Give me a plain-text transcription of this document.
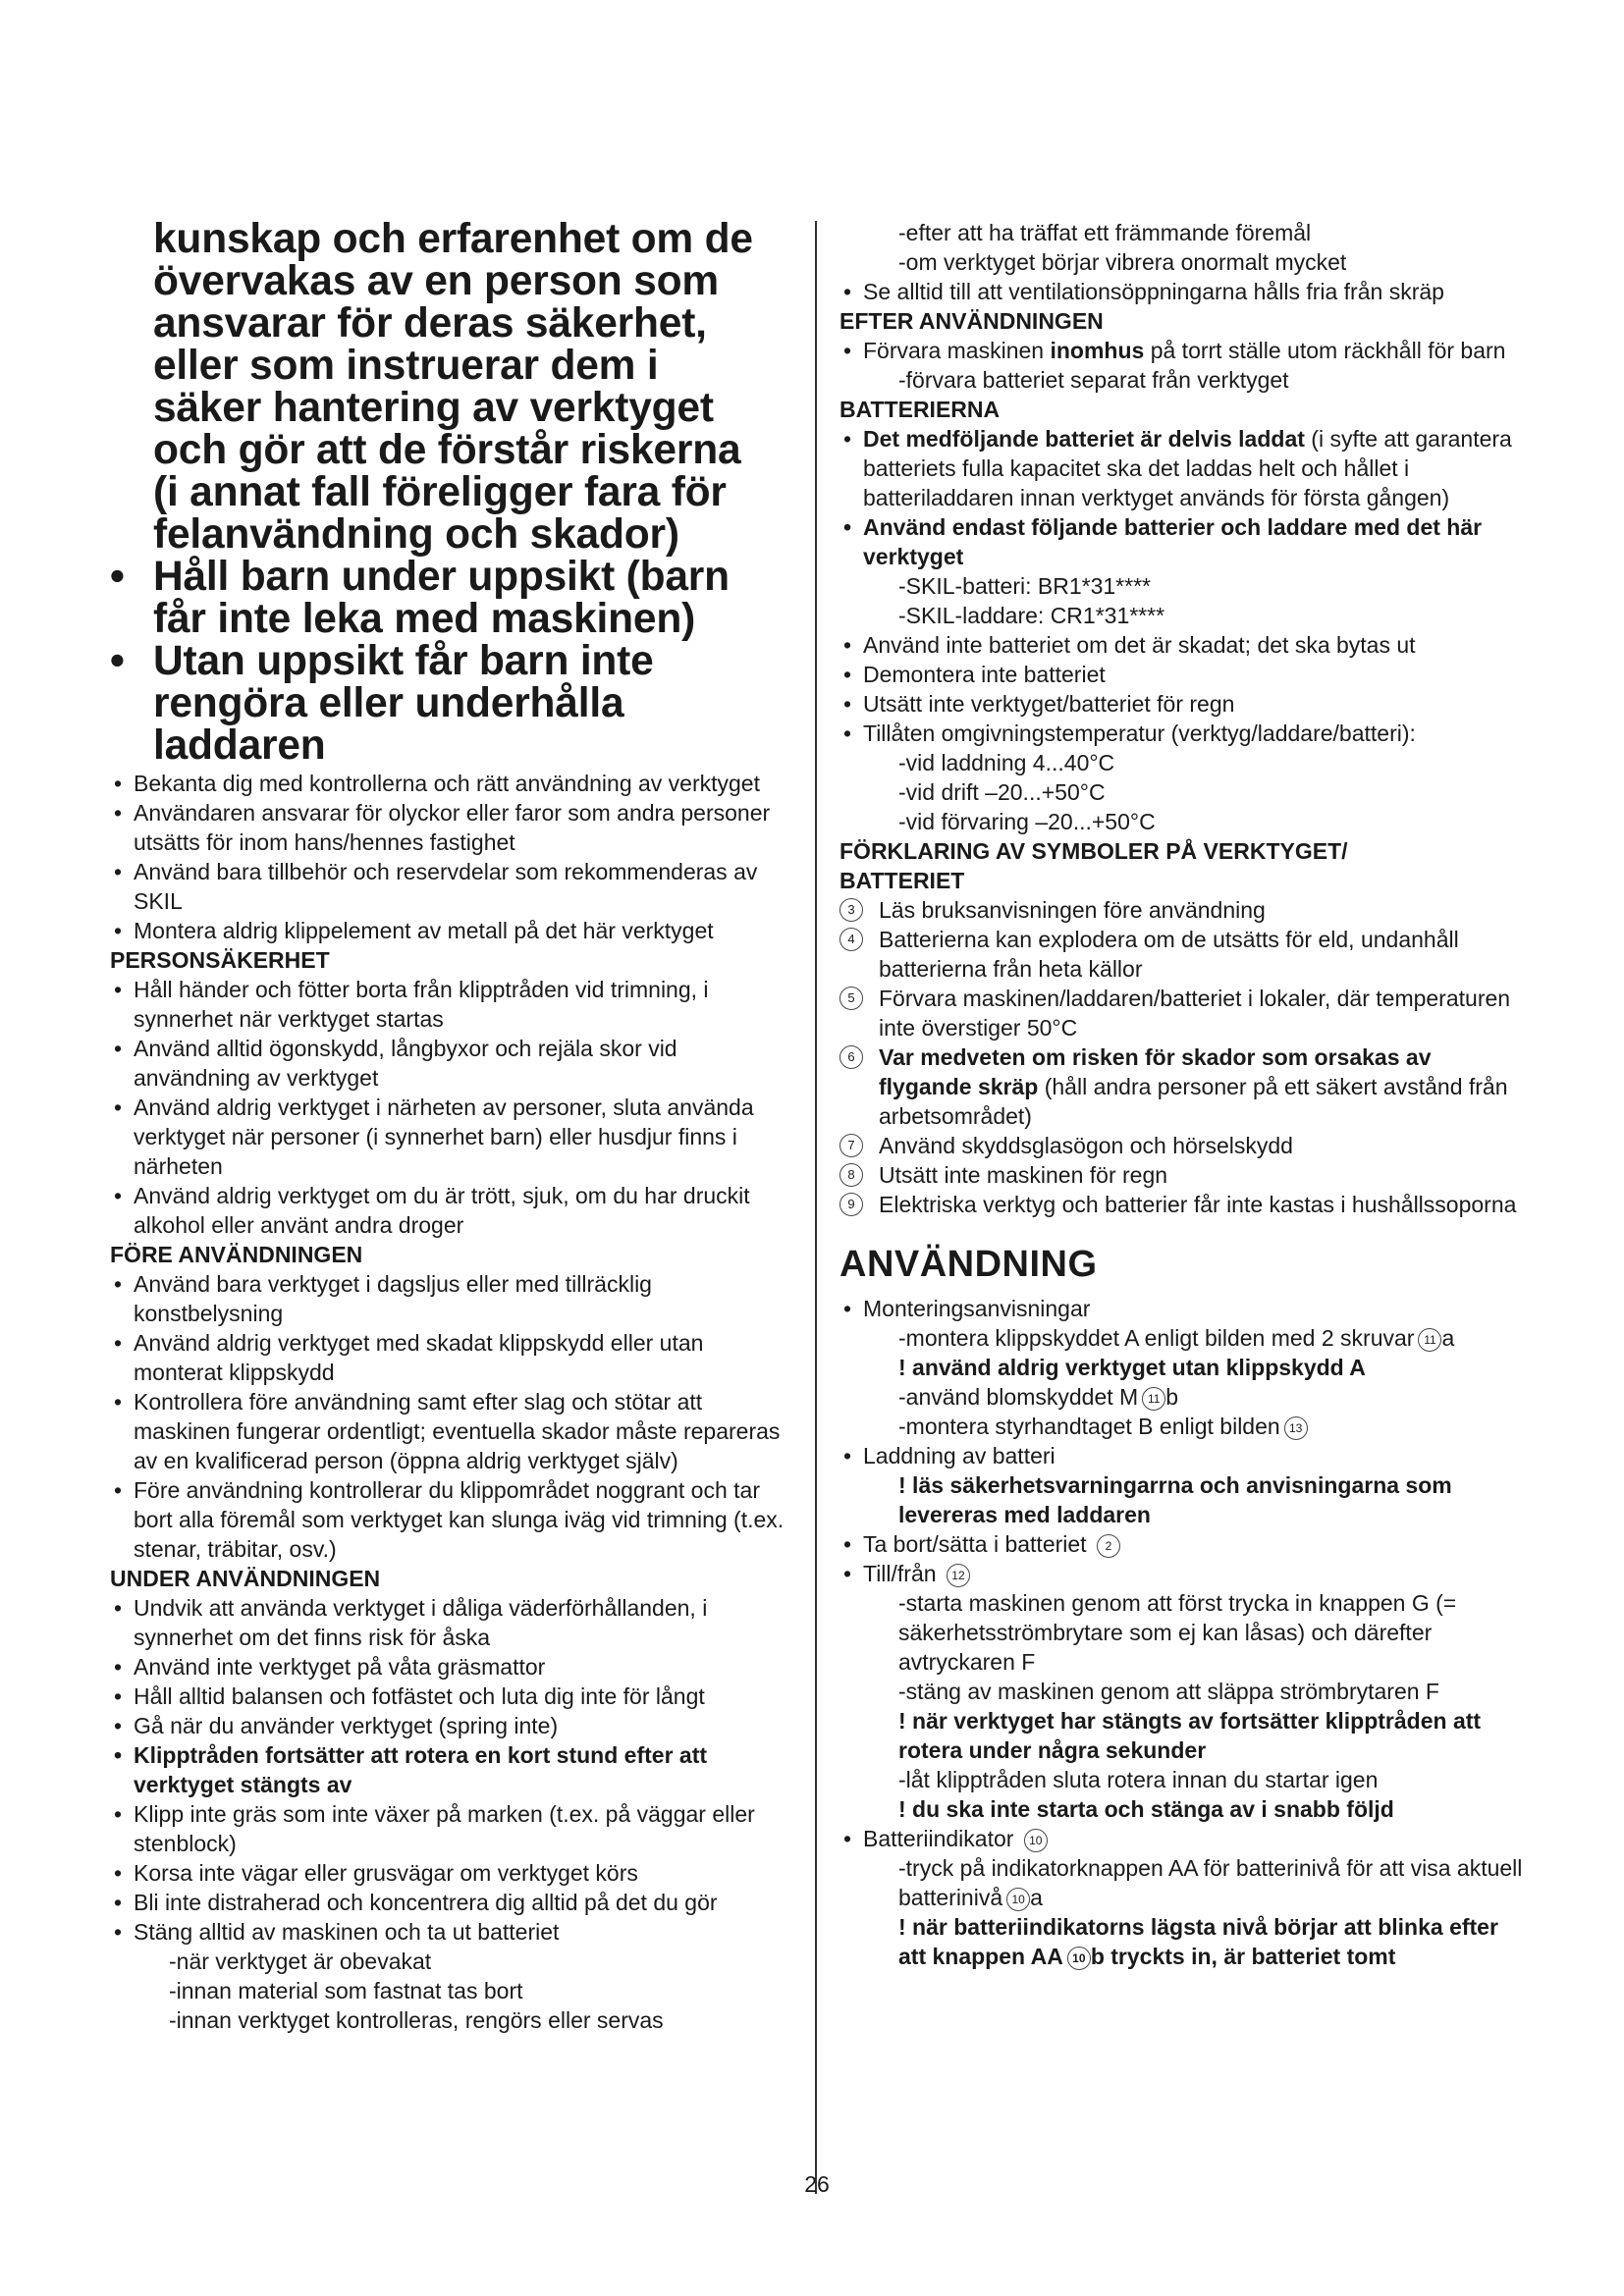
kunskap och erfarenhet om de

övervakas av en person som

ansvarar för deras säkerhet,

eller som instruerar dem i

säker hantering av verktyget

och gör att de förstår riskerna

(i annat fall föreligger fara för

felanvändning och skador)

• Håll barn under uppsikt (barn
får inte leka med maskinen)
• Utan uppsikt får barn inte
rengöra eller underhålla
laddaren

• Bekanta dig med kontrollerna och rätt användning av verktyget

• Användaren ansvarar för olyckor eller faror som andra personer utsätts för inom hans/hennes fastighet

• Använd bara tillbehör och reservdelar som rekommenderas av SKIL

• Montera aldrig klippelement av metall på det här verktyget

PERSONSÄKERHET

• Håll händer och fötter borta från klipptråden vid trimning, i synnerhet när verktyget startas

• Använd alltid ögonskydd, långbyxor och rejäla skor vid användning av verktyget

• Använd aldrig verktyget i närheten av personer, sluta använda verktyget när personer (i synnerhet barn) eller husdjur finns i närheten

• Använd aldrig verktyget om du är trött, sjuk, om du har druckit alkohol eller använt andra droger

FÖRE ANVÄNDNINGEN

• Använd bara verktyget i dagsljus eller med tillräcklig konstbelysning

• Använd aldrig verktyget med skadat klippskydd eller utan monterat klippskydd

• Kontrollera före användning samt efter slag och stötar att maskinen fungerar ordentligt; eventuella skador måste repareras av en kvalificerad person (öppna aldrig verktyget själv)

• Före användning kontrollerar du klippområdet noggrant och tar bort alla föremål som verktyget kan slunga iväg vid trimning (t.ex. stenar, träbitar, osv.)

UNDER ANVÄNDNINGEN

• Undvik att använda verktyget i dåliga väderförhållanden, i synnerhet om det finns risk för åska

• Använd inte verktyget på våta gräsmattor

• Håll alltid balansen och fotfästet och luta dig inte för långt

• Gå när du använder verktyget (spring inte)

• Klipptråden fortsätter att rotera en kort stund efter att verktyget stängts av

• Klipp inte gräs som inte växer på marken (t.ex. på väggar eller stenblock)

• Korsa inte vägar eller grusvägar om verktyget körs

• Bli inte distraherad och koncentrera dig alltid på det du gör

• Stäng alltid av maskinen och ta ut batteriet

-när verktyget är obevakat

-innan material som fastnat tas bort

-innan verktyget kontrolleras, rengörs eller servas

-efter att ha träffat ett främmande föremål

-om verktyget börjar vibrera onormalt mycket

• Se alltid till att ventilationsöppningarna hålls fria från skräp

EFTER ANVÄNDNINGEN

• Förvara maskinen inomhus på torrt ställe utom räckhåll för barn

-förvara batteriet separat från verktyget

BATTERIERNA

• Det medföljande batteriet är delvis laddat (i syfte att garantera batteriets fulla kapacitet ska det laddas helt och hållet i batteriladdaren innan verktyget används för första gången)

• Använd endast följande batterier och laddare med det här verktyget

-SKIL-batteri: BR1*31****

-SKIL-laddare: CR1*31****

• Använd inte batteriet om det är skadat; det ska bytas ut

• Demontera inte batteriet

• Utsätt inte verktyget/batteriet för regn

• Tillåten omgivningstemperatur (verktyg/laddare/batteri):

-vid laddning 4...40°C

-vid drift –20...+50°C

-vid förvaring –20...+50°C

FÖRKLARING AV SYMBOLER PÅ VERKTYGET/
BATTERIET

3	Läs bruksanvisningen före användning

4	Batterierna kan explodera om de utsätts för eld, undanhåll batterierna från heta källor

5	Förvara maskinen/laddaren/batteriet i lokaler, där temperaturen inte överstiger 50°C

6	Var medveten om risken för skador som orsakas av flygande skräp (håll andra personer på ett säkert avstånd från arbetsområdet)

7	Använd skyddsglasögon och hörselskydd

8	Utsätt inte maskinen för regn

9	Elektriska verktyg och batterier får inte kastas i hushållssoporna

ANVÄNDNING

• Monteringsanvisningar

-montera klippskyddet A enligt bilden med 2 skruvar 11 a

! använd aldrig verktyget utan klippskydd A

-använd blomskyddet M 11 b

-montera styrhandtaget B enligt bilden 13

• Laddning av batteri

! läs säkerhetsvarningarrna och anvisningarna som levereras med laddaren

• Ta bort/sätta i batteriet 2

• Till/från 12

-starta maskinen genom att först trycka in knappen G (= säkerhetsströmbrytare som ej kan låsas) och därefter avtryckaren F

-stäng av maskinen genom att släppa strömbrytaren F

! när verktyget har stängts av fortsätter klipptråden att rotera under några sekunder

-låt klipptråden sluta rotera innan du startar igen

! du ska inte starta och stänga av i snabb följd

• Batteriindikator 10

-tryck på indikatorknappen AA för batterinivå för att visa aktuell batterinivå 10 a

! när batteriindikatorns lägsta nivå börjar att blinka efter att knappen AA 10 b tryckts in, är batteriet tomt

26
